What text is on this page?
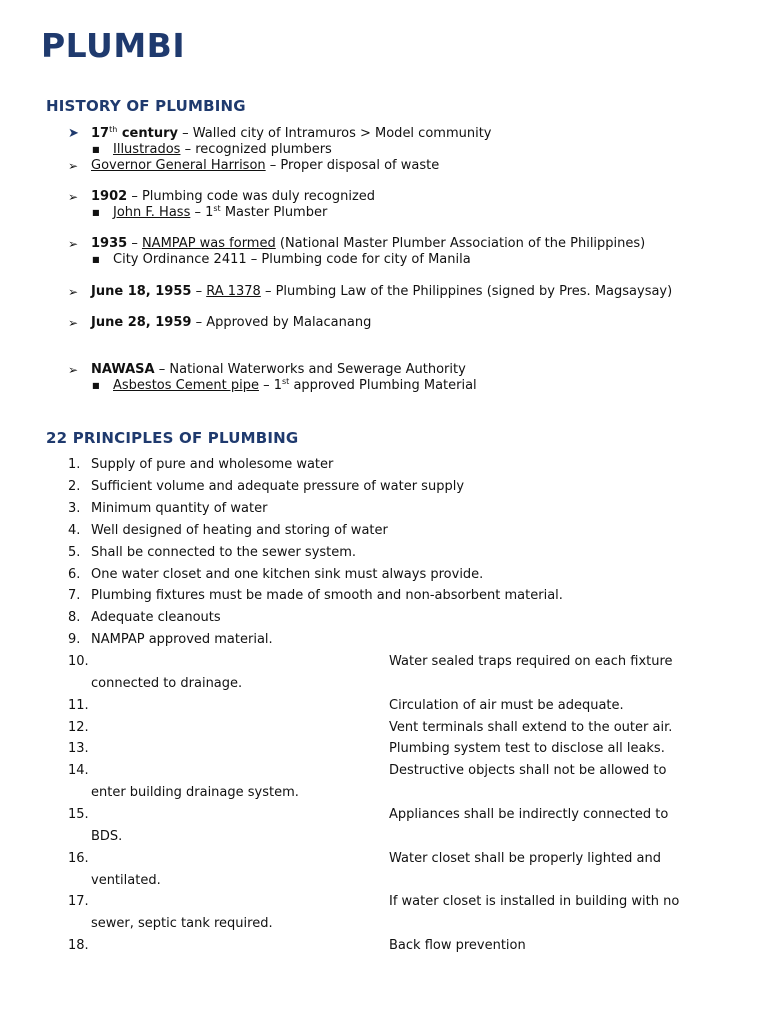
PLUMBI
HISTORY OF PLUMBING
➤ 17th century – Walled city of Intramuros > Model community
■ Illustrados – recognized plumbers
➢ Governor General Harrison – Proper disposal of waste
➢ 1902 – Plumbing code was duly recognized
■ John F. Hass – 1st Master Plumber
➢ 1935 – NAMPAP was formed (National Master Plumber Association of the Philippines)
■ City Ordinance 2411 – Plumbing code for city of Manila
➢ June 18, 1955 – RA 1378 – Plumbing Law of the Philippines (signed by Pres. Magsaysay)
➢ June 28, 1959 – Approved by Malacanang
➢ NAWASA – National Waterworks and Sewerage Authority
■ Asbestos Cement pipe – 1st approved Plumbing Material
22 PRINCIPLES OF PLUMBING
1. Supply of pure and wholesome water
2. Sufficient volume and adequate pressure of water supply
3. Minimum quantity of water
4. Well designed of heating and storing of water
5. Shall be connected to the sewer system.
6. One water closet and one kitchen sink must always provide.
7. Plumbing fixtures must be made of smooth and non-absorbent material.
8. Adequate cleanouts
9. NAMPAP approved material.
10.	Water sealed traps required on each fixture
connected to drainage.
11.	Circulation of air must be adequate.
12.	Vent terminals shall extend to the outer air.
13.	Plumbing system test to disclose all leaks.
14.	Destructive objects shall not be allowed to
enter building drainage system.
15.	Appliances shall be indirectly connected to
BDS.
16.	Water closet shall be properly lighted and
ventilated.
17.	If water closet is installed in building with no
sewer, septic tank required.
18.	Back flow prevention
